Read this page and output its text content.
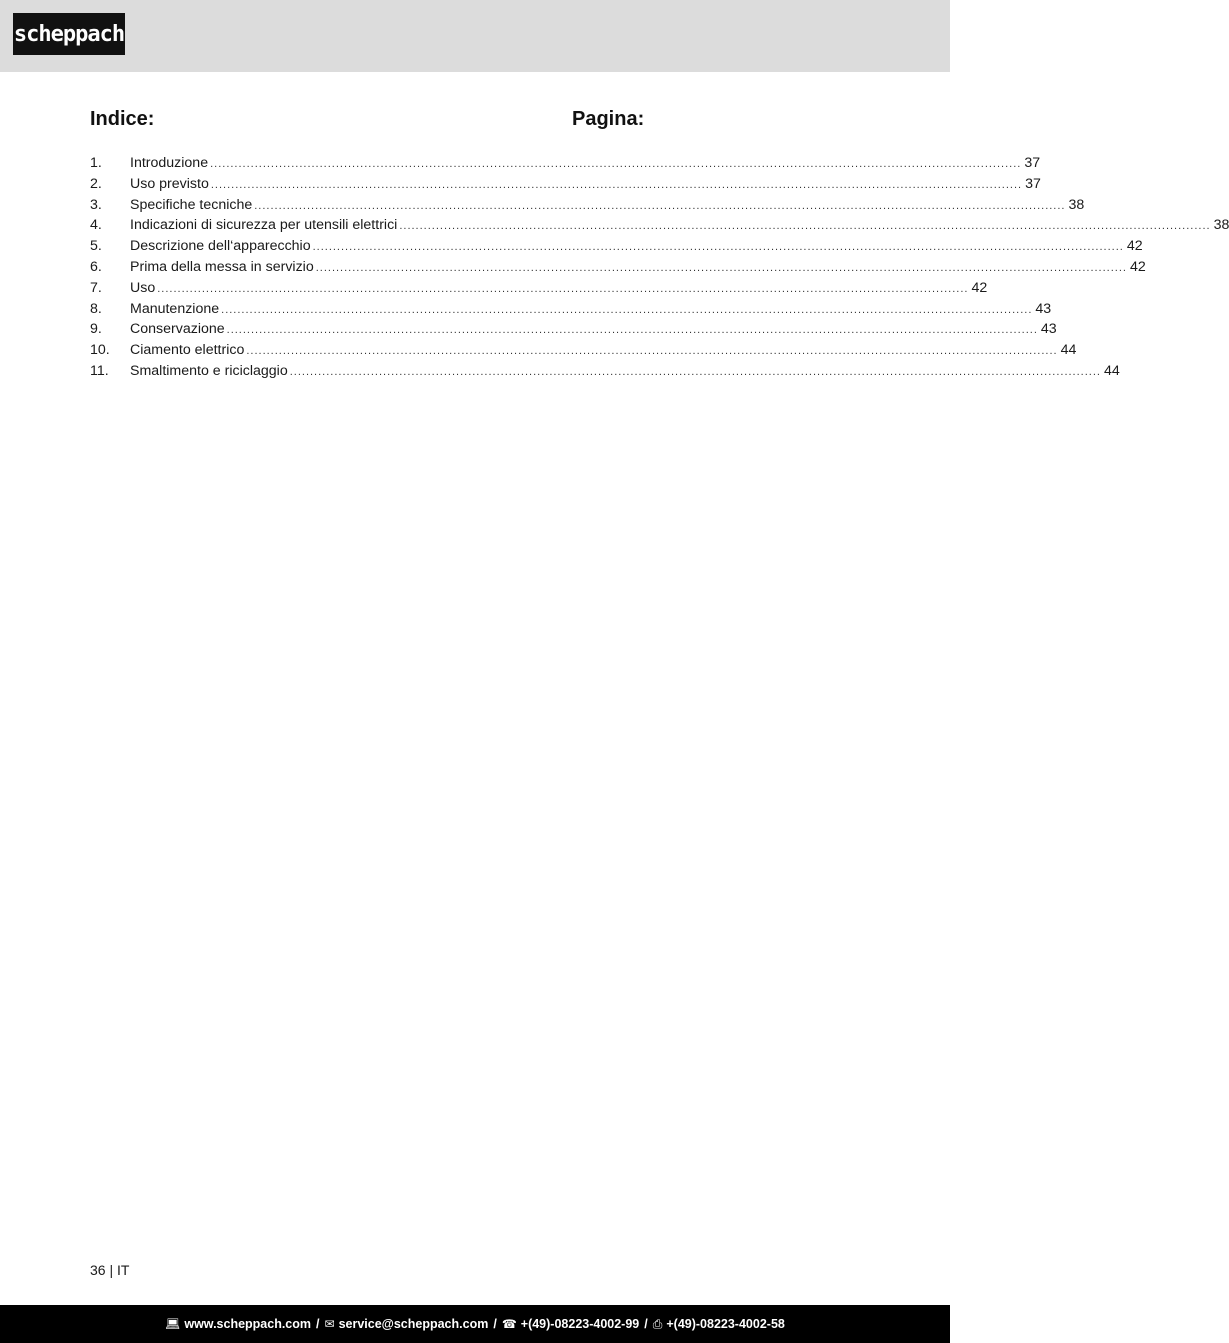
scheppach
Indice:	Pagina:
1.	Introduzione ........................................................................................................................................................................................................ 37
2.	Uso previsto ........................................................................................................................................................................................................ 37
3.	Specifiche tecniche ........................................................................................................................................................................................................ 38
4.	Indicazioni di sicurezza per utensili elettrici ........................................................................................................................................................................................................ 38
5.	Descrizione dell‘apparecchio ........................................................................................................................................................................................................ 42
6.	Prima della messa in servizio ........................................................................................................................................................................................................ 42
7.	Uso ........................................................................................................................................................................................................ 42
8.	Manutenzione ........................................................................................................................................................................................................ 43
9.	Conservazione ........................................................................................................................................................................................................ 43
10.	Ciamento elettrico ........................................................................................................................................................................................................ 44
11.	Smaltimento e riciclaggio ........................................................................................................................................................................................................ 44
36 | IT
💻︎ www.scheppach.com / ✉︎ service@scheppach.com / ☎ +(49)-08223-4002-99 / ⎙ +(49)-08223-4002-58
